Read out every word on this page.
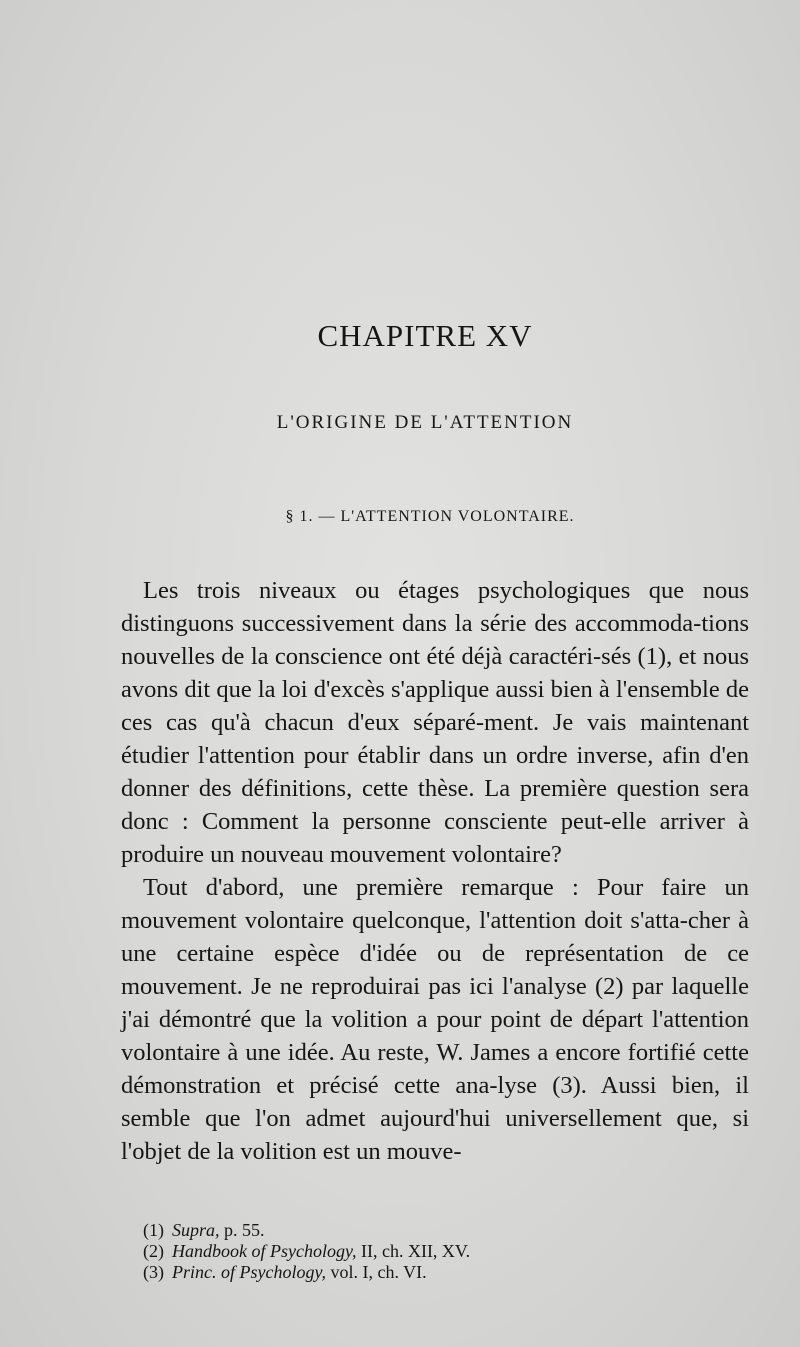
CHAPITRE XV
L'ORIGINE DE L'ATTENTION
§ 1. — L'ATTENTION VOLONTAIRE.

Les trois niveaux ou étages psychologiques que nous distinguons successivement dans la série des accommoda-tions nouvelles de la conscience ont été déjà caractéri-sés (1), et nous avons dit que la loi d'excès s'applique aussi bien à l'ensemble de ces cas qu'à chacun d'eux séparé-ment. Je vais maintenant étudier l'attention pour établir dans un ordre inverse, afin d'en donner des définitions, cette thèse. La première question sera donc : Comment la personne consciente peut-elle arriver à produire un nouveau mouvement volontaire?

Tout d'abord, une première remarque : Pour faire un mouvement volontaire quelconque, l'attention doit s'atta-cher à une certaine espèce d'idée ou de représentation de ce mouvement. Je ne reproduirai pas ici l'analyse (2) par laquelle j'ai démontré que la volition a pour point de départ l'attention volontaire à une idée. Au reste, W. James a encore fortifié cette démonstration et précisé cette ana-lyse (3). Aussi bien, il semble que l'on admet aujourd'hui universellement que, si l'objet de la volition est un mouve-

(1) Supra, p. 55.
(2) Handbook of Psychology, II, ch. XII, XV.
(3) Princ. of Psychology, vol. I, ch. VI.
